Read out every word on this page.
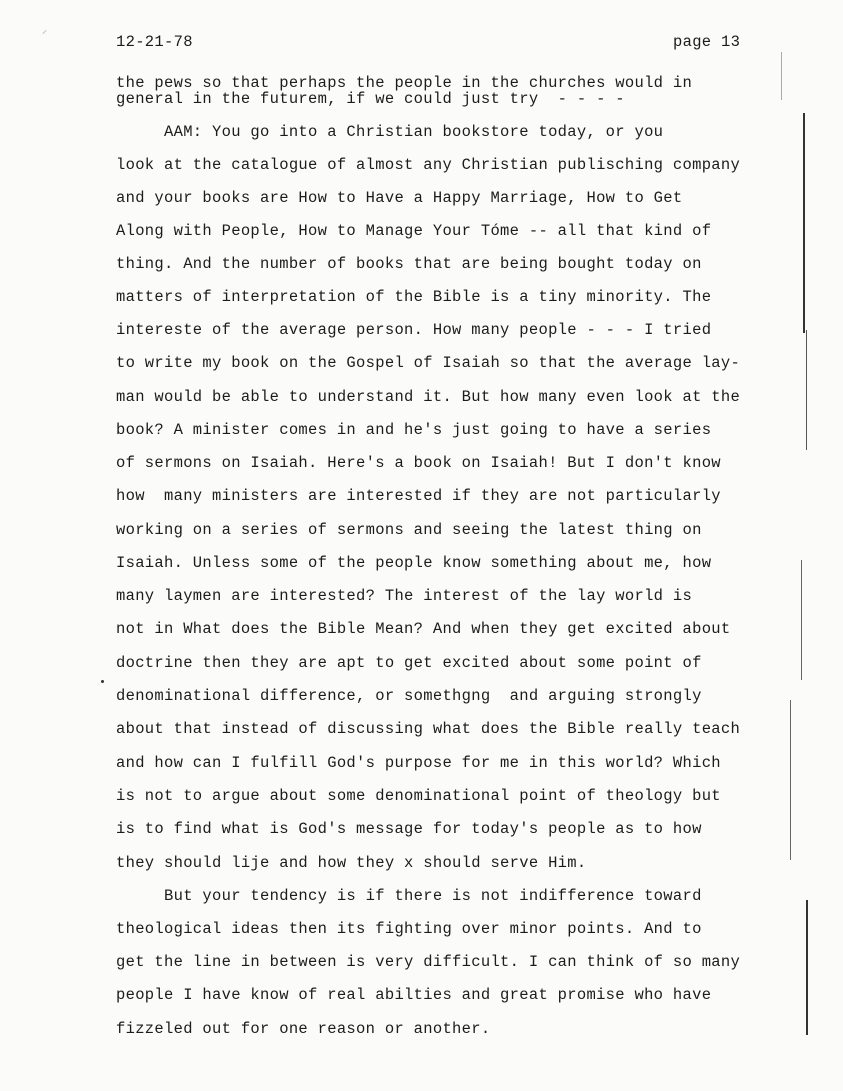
⸝
12-21-78	page 13
the pews so that perhaps the people in the churches would in
general in the futurem, if we could just try  - - - -
AAM: You go into a Christian bookstore today, or you
look at the catalogue of almost any Christian publisching company
and your books are How to Have a Happy Marriage, How to Get
Along with People, How to Manage Your Tóme -- all that kind of
thing. And the number of books that are being bought today on
matters of interpretation of the Bible is a tiny minority. The
intereste of the average person. How many people - - - I tried
to write my book on the Gospel of Isaiah so that the average lay-
man would be able to understand it. But how many even look at the
book? A minister comes in and he's just going to have a series
of sermons on Isaiah. Here's a book on Isaiah! But I don't know
how  many ministers are interested if they are not particularly
working on a series of sermons and seeing the latest thing on
Isaiah. Unless some of the people know something about me, how
many laymen are interested? The interest of the lay world is
not in What does the Bible Mean? And when they get excited about
doctrine then they are apt to get excited about some point of
denominational difference, or somethgng  and arguing strongly
about that instead of discussing what does the Bible really teach
and how can I fulfill God's purpose for me in this world? Which
is not to argue about some denominational point of theology but
is to find what is God's message for today's people as to how
they should lije and how they x should serve Him.
But your tendency is if there is not indifference toward
theological ideas then its fighting over minor points. And to
get the line in between is very difficult. I can think of so many
people I have know of real abilties and great promise who have
fizzeled out for one reason or another.
